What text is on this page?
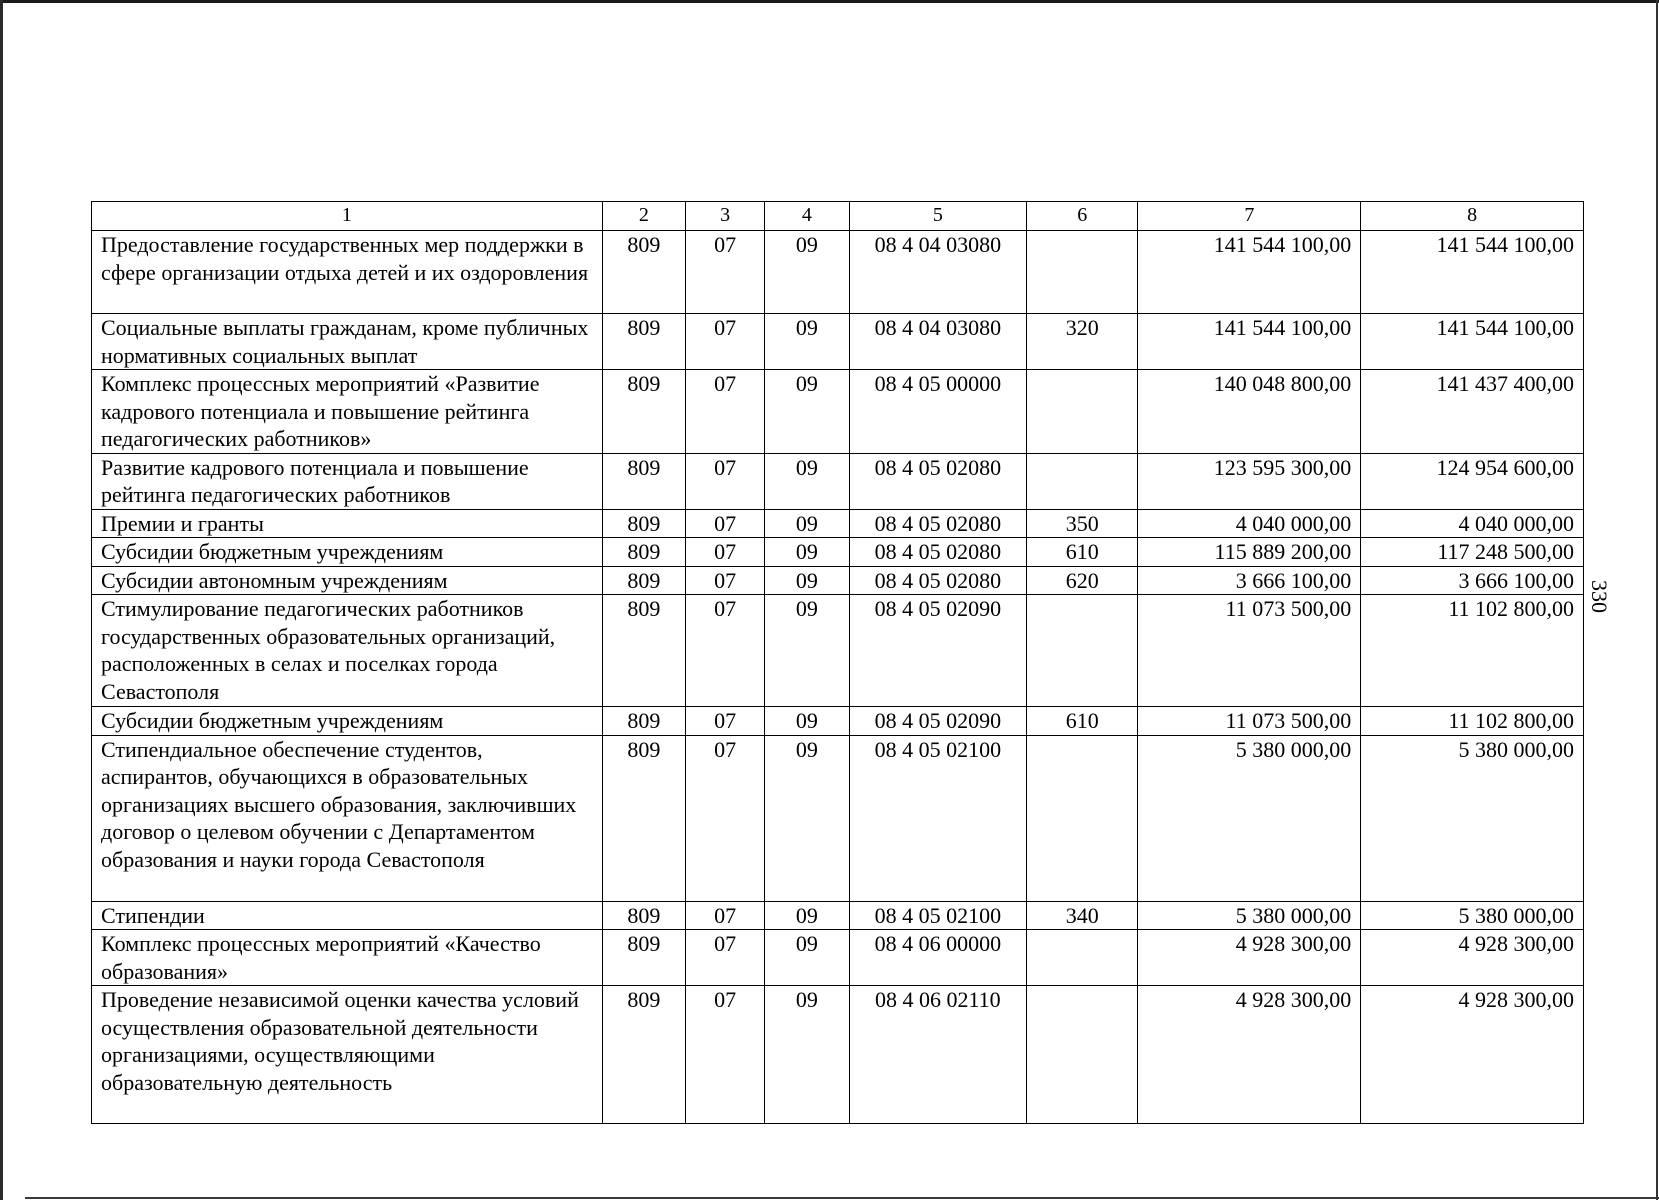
1	2	3	4	5	6	7	8
Предоставление государственных мер поддержки в сфере организации отдыха детей и их оздоровления	809	07	09	08 4 04 03080		141 544 100,00	141 544 100,00
Социальные выплаты гражданам, кроме публичных нормативных социальных выплат	809	07	09	08 4 04 03080	320	141 544 100,00	141 544 100,00
Комплекс процессных мероприятий «Развитие кадрового потенциала и повышение рейтинга педагогических работников»	809	07	09	08 4 05 00000		140 048 800,00	141 437 400,00
Развитие кадрового потенциала и повышение рейтинга педагогических работников	809	07	09	08 4 05 02080		123 595 300,00	124 954 600,00
Премии и гранты	809	07	09	08 4 05 02080	350	4 040 000,00	4 040 000,00
Субсидии бюджетным учреждениям	809	07	09	08 4 05 02080	610	115 889 200,00	117 248 500,00
Субсидии автономным учреждениям	809	07	09	08 4 05 02080	620	3 666 100,00	3 666 100,00
Стимулирование педагогических работников государственных образовательных организаций, расположенных в селах и поселках города Севастополя	809	07	09	08 4 05 02090		11 073 500,00	11 102 800,00
Субсидии бюджетным учреждениям	809	07	09	08 4 05 02090	610	11 073 500,00	11 102 800,00
Стипендиальное обеспечение студентов, аспирантов, обучающихся в образовательных организациях высшего образования, заключивших договор о целевом обучении с Департаментом образования и науки города Севастополя	809	07	09	08 4 05 02100		5 380 000,00	5 380 000,00
Стипендии	809	07	09	08 4 05 02100	340	5 380 000,00	5 380 000,00
Комплекс процессных мероприятий «Качество образования»	809	07	09	08 4 06 00000		4 928 300,00	4 928 300,00
Проведение независимой оценки качества условий осуществления образовательной деятельности организациями, осуществляющими образовательную деятельность	809	07	09	08 4 06 02110		4 928 300,00	4 928 300,00
330
